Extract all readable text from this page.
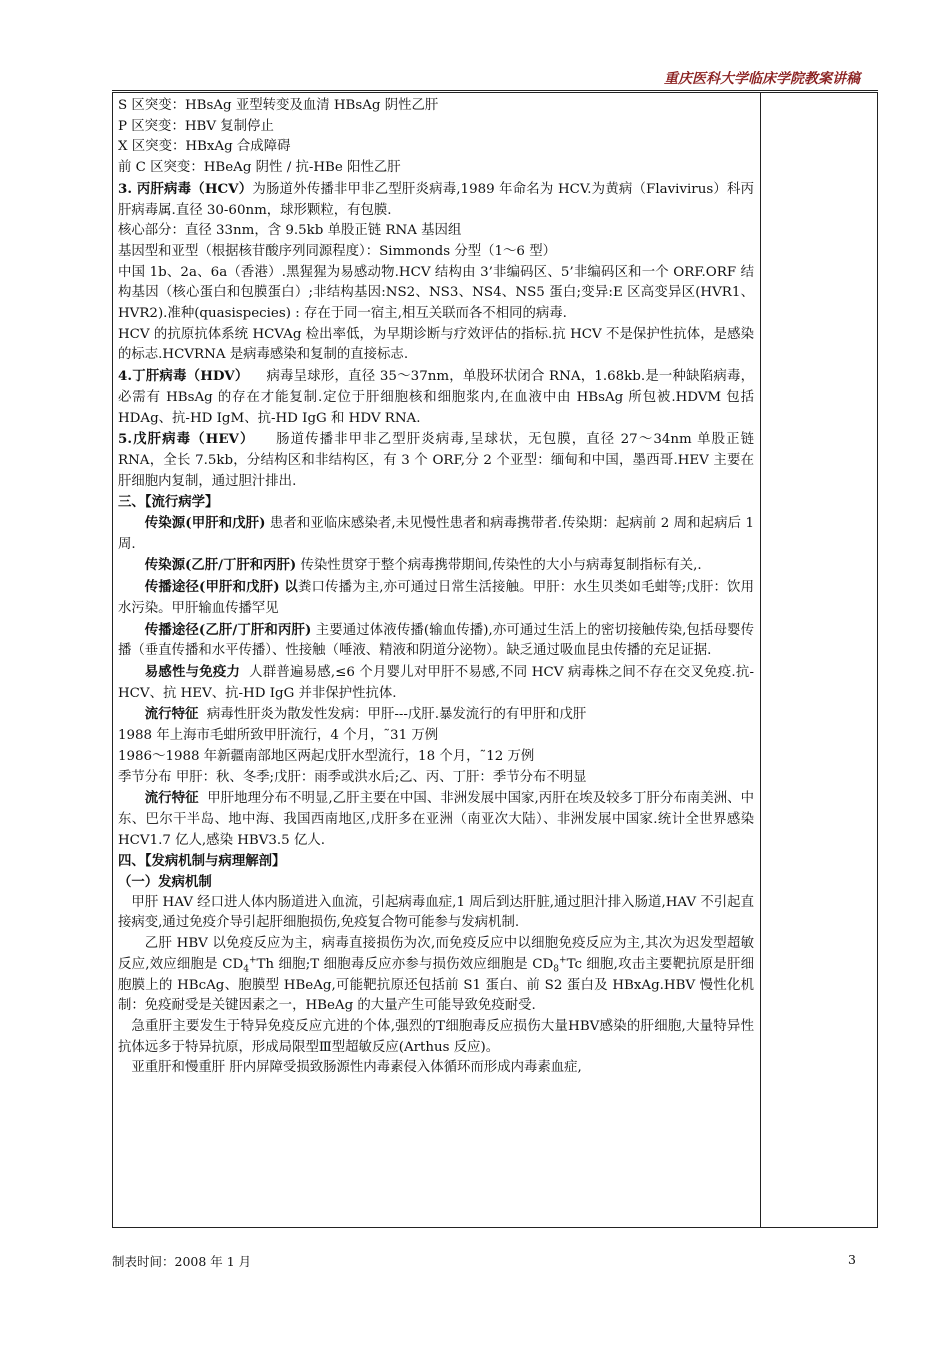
重庆医科大学临床学院教案讲稿

S 区突变：HBsAg 亚型转变及血清 HBsAg 阴性乙肝

P 区突变：HBV 复制停止

X 区突变：HBxAg 合成障碍

前 C 区突变：HBeAg 阴性 / 抗-HBe 阳性乙肝

3. 丙肝病毒（HCV）为肠道外传播非甲非乙型肝炎病毒,1989 年命名为 HCV.为黄病（Flavivirus）科丙肝病毒属.直径 30-60nm，球形颗粒，有包膜.

核心部分：直径 33nm，含 9.5kb 单股正链 RNA 基因组

基因型和亚型（根据核苷酸序列同源程度）：Simmonds 分型（1～6 型）

中国 1b、2a、6a（香港）.黑猩猩为易感动物.HCV 结构由 3’非编码区、5’非编码区和一个 ORF.ORF 结构基因（核心蛋白和包膜蛋白）;非结构基因:NS2、NS3、NS4、NS5 蛋白;变异:E 区高变异区(HVR1、HVR2).准种(quasispecies) : 存在于同一宿主,相互关联而各不相同的病毒.

HCV 的抗原抗体系统 HCVAg 检出率低，为早期诊断与疗效评估的指标.抗 HCV 不是保护性抗体，是感染的标志.HCVRNA 是病毒感染和复制的直接标志.

4.丁肝病毒（HDV） 病毒呈球形，直径 35～37nm，单股环状闭合 RNA，1.68kb.是一种缺陷病毒，必需有 HBsAg 的存在才能复制.定位于肝细胞核和细胞浆内,在血液中由 HBsAg 所包被.HDVM 包括 HDAg、抗-HD IgM、抗-HD IgG 和 HDV RNA.

5.戊肝病毒（HEV） 肠道传播非甲非乙型肝炎病毒,呈球状，无包膜，直径 27～34nm 单股正链 RNA，全长 7.5kb，分结构区和非结构区，有 3 个 ORF,分 2 个亚型：缅甸和中国，墨西哥.HEV 主要在肝细胞内复制，通过胆汁排出.

三、【流行病学】

传染源(甲肝和戊肝) 患者和亚临床感染者,未见慢性患者和病毒携带者.传染期：起病前 2 周和起病后 1 周.

传染源(乙肝/丁肝和丙肝) 传染性贯穿于整个病毒携带期间,传染性的大小与病毒复制指标有关,.

传播途径(甲肝和戊肝) 以粪口传播为主,亦可通过日常生活接触。甲肝：水生贝类如毛蚶等;戊肝：饮用水污染。甲肝输血传播罕见

传播途径(乙肝/丁肝和丙肝) 主要通过体液传播(输血传播),亦可通过生活上的密切接触传染,包括母婴传播（垂直传播和水平传播）、性接触（唾液、精液和阴道分泌物）。缺乏通过吸血昆虫传播的充足证据.

易感性与免疫力 人群普遍易感,≤6 个月婴儿对甲肝不易感,不同 HCV 病毒株之间不存在交叉免疫.抗-HCV、抗 HEV、抗-HD IgG 并非保护性抗体.

流行特征 病毒性肝炎为散发性发病：甲肝---戊肝.暴发流行的有甲肝和戊肝

1988 年上海市毛蚶所致甲肝流行，4 个月，˜31 万例

1986～1988 年新疆南部地区两起戊肝水型流行，18 个月，˜12 万例

季节分布 甲肝：秋、冬季;戊肝：雨季或洪水后;乙、丙、丁肝：季节分布不明显

流行特征 甲肝地理分布不明显,乙肝主要在中国、非洲发展中国家,丙肝在埃及较多丁肝分布南美洲、中东、巴尔干半岛、地中海、我国西南地区,戊肝多在亚洲（南亚次大陆）、非洲发展中国家.统计全世界感染 HCV1.7 亿人,感染 HBV3.5 亿人.

四、【发病机制与病理解剖】

（一）发病机制

甲肝 HAV 经口进人体内肠道进入血流，引起病毒血症,1 周后到达肝脏,通过胆汁排入肠道,HAV 不引起直接病变,通过免疫介导引起肝细胞损伤,免疫复合物可能参与发病机制.

乙肝 HBV 以免疫反应为主，病毒直接损伤为次,而免疫反应中以细胞免疫反应为主,其次为迟发型超敏反应,效应细胞是 $CD_4^+Th$ 细胞;T 细胞毒反应亦参与损伤效应细胞是 $CD_8^+Tc$ 细胞,攻击主要靶抗原是肝细胞膜上的 HBcAg、胞膜型 HBeAg,可能靶抗原还包括前 S1 蛋白、前 S2 蛋白及 HBxAg.HBV 慢性化机制：免疫耐受是关键因素之一，HBeAg 的大量产生可能导致免疫耐受.

急重肝主要发生于特异免疫反应亢进的个体,强烈的T细胞毒反应损伤大量HBV感染的肝细胞,大量特异性抗体远多于特异抗原，形成局限型Ⅲ型超敏反应(Arthus 反应)。

亚重肝和慢重肝 肝内屏障受损致肠源性内毒素侵入体循环而形成内毒素血症,

制表时间：2008 年 1 月	3
